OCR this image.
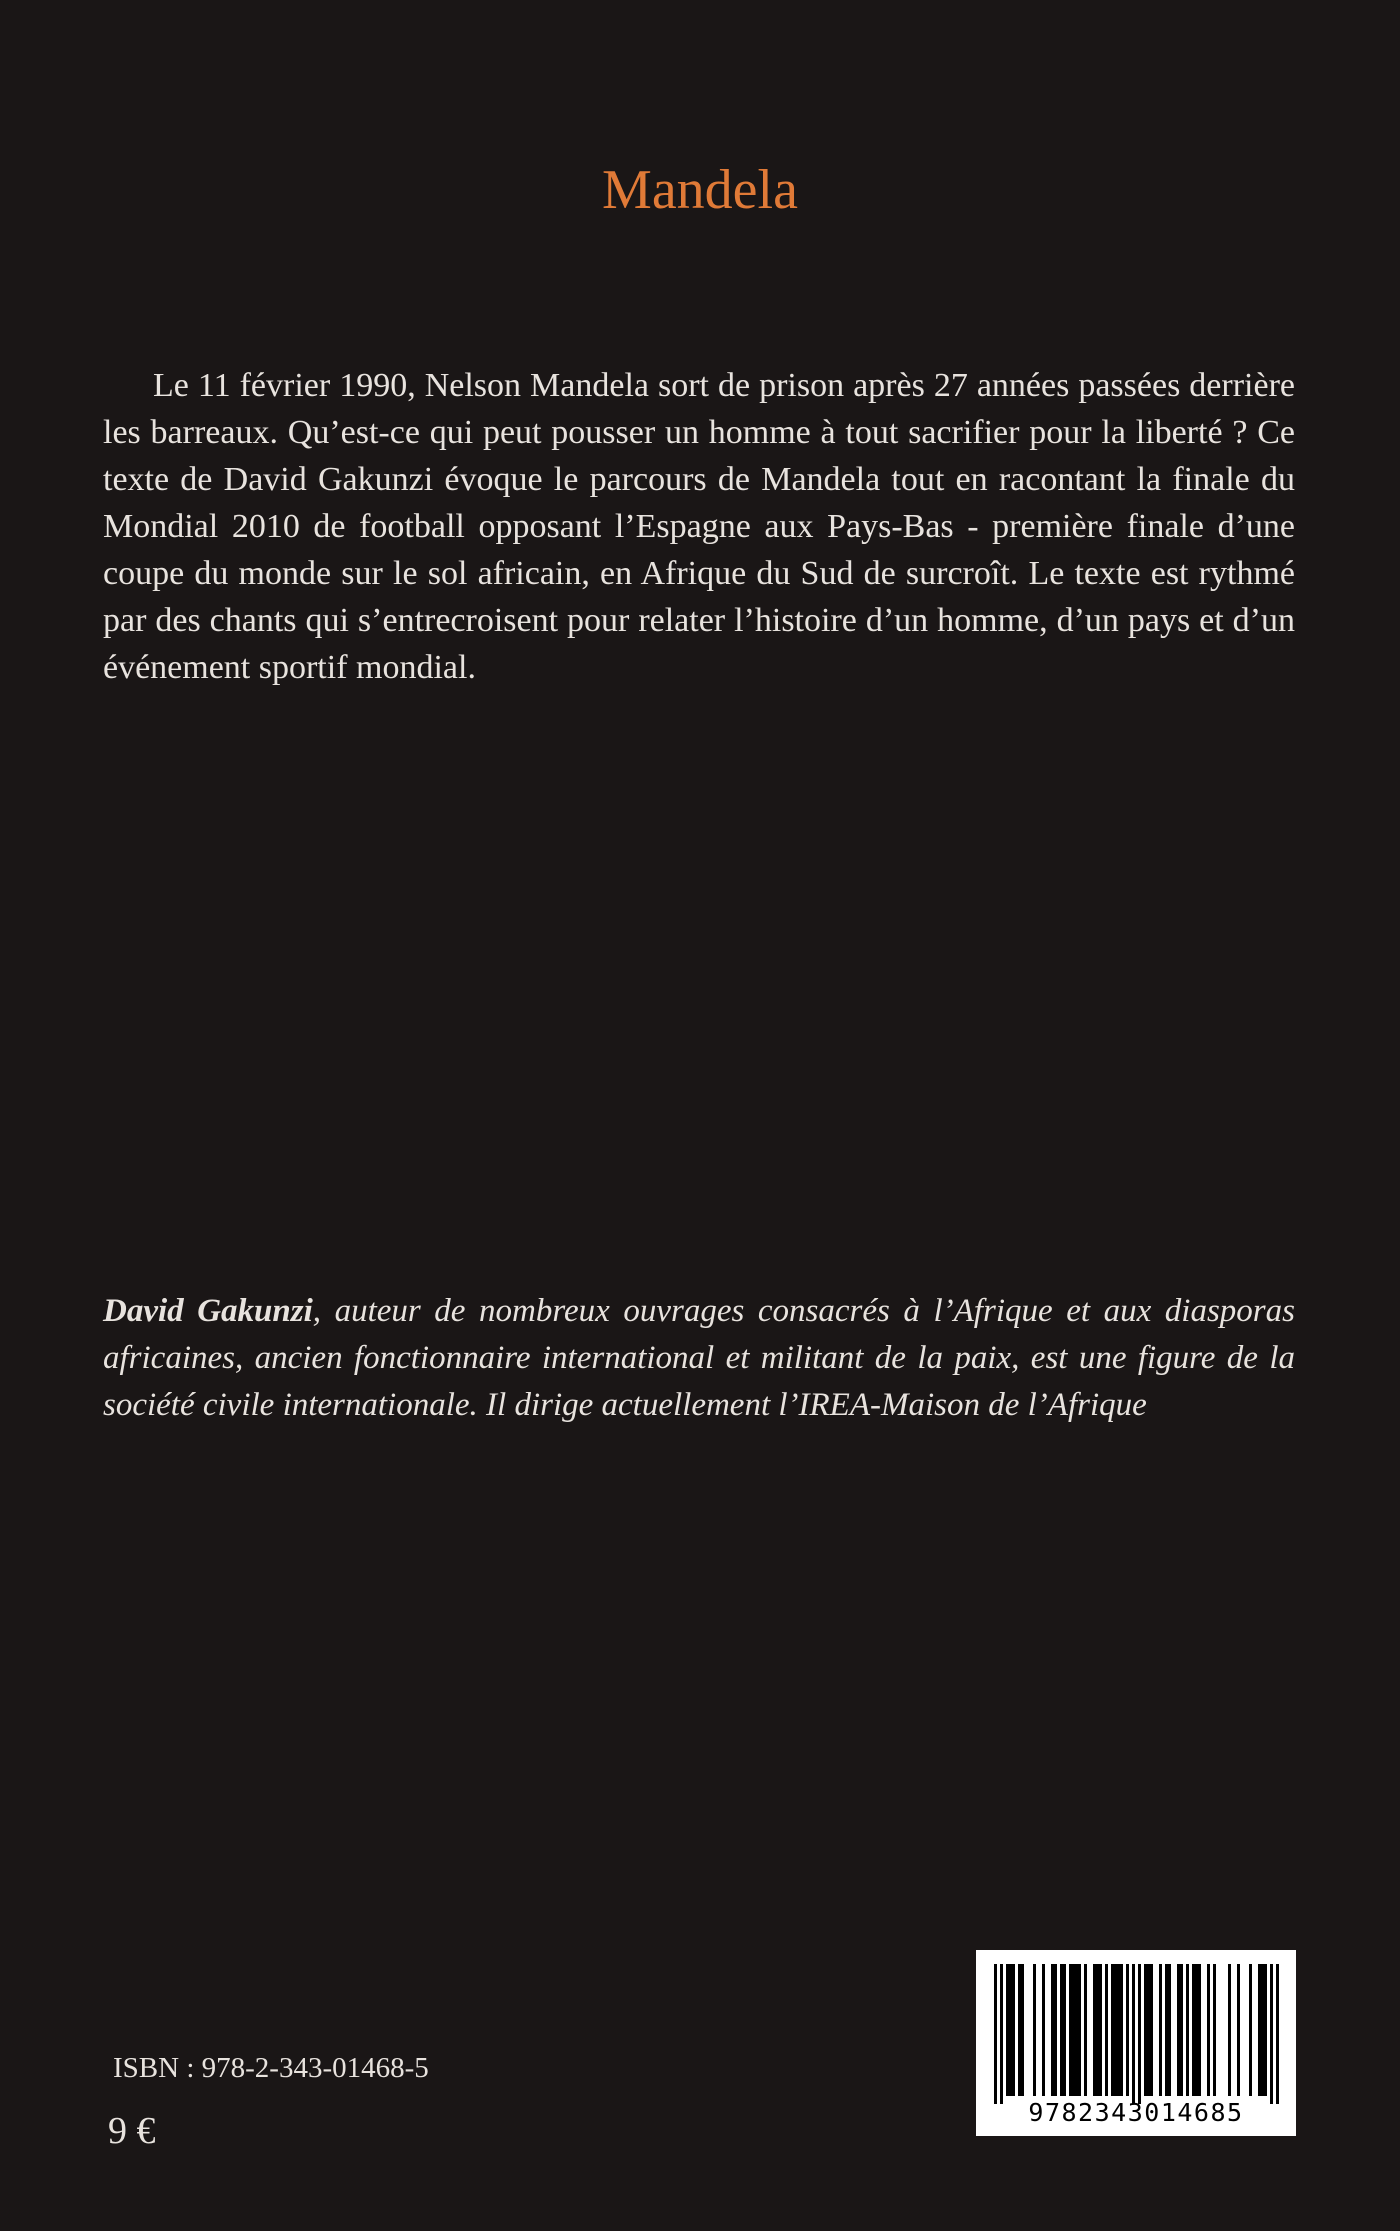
Mandela

Le 11 février 1990, Nelson Mandela sort de prison après 27 années passées derrière les barreaux. Qu’est-ce qui peut pousser un homme à tout sacrifier pour la liberté ? Ce texte de David Gakunzi évoque le parcours de Mandela tout en racontant la finale du Mondial 2010 de football opposant l’Espagne aux Pays-Bas - première finale d’une coupe du monde sur le sol africain, en Afrique du Sud de surcroît. Le texte est rythmé par des chants qui s’entrecroisent pour relater l’histoire d’un homme, d’un pays et d’un événement sportif mondial.

David Gakunzi, auteur de nombreux ouvrages consacrés à l’Afrique et aux diasporas africaines, ancien fonctionnaire international et militant de la paix, est une figure de la société civile internationale. Il dirige actuellement l’IREA-Maison de l’Afrique

ISBN : 978-2-343-01468-5
9 €	9782343014685
